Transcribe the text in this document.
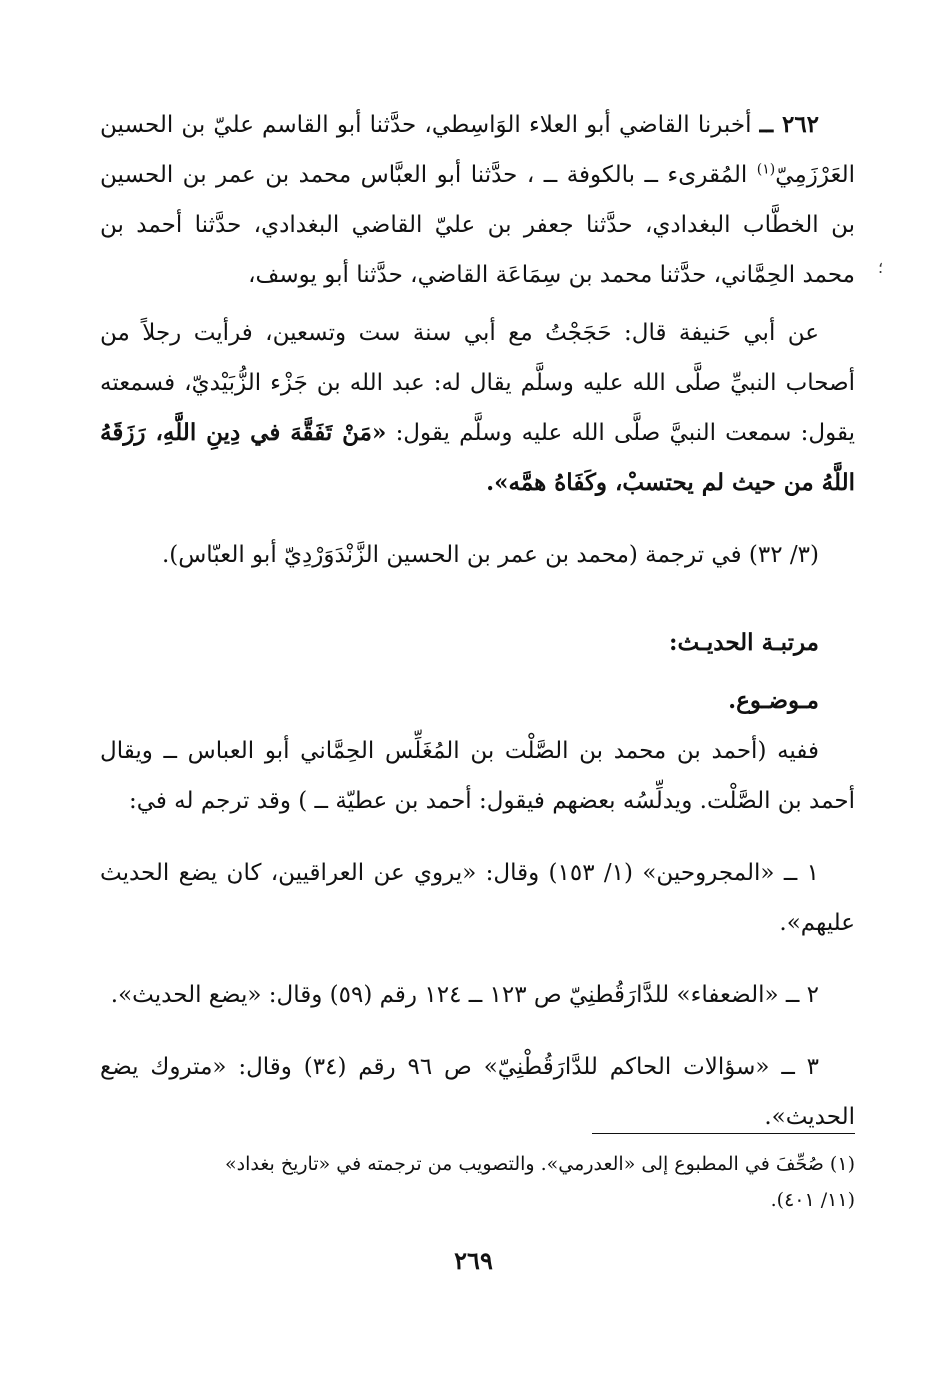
٢٦٢ ــ أخبرنا القاضي أبو العلاء الوَاسِطي، حدَّثنا أبو القاسم عليّ بن الحسين العَرْزَمِيّ$^{(١)}$ المُقرىء ــ بالكوفة ــ ، حدَّثنا أبو العبَّاس محمد بن عمر بن الحسين بن الخطَّاب البغدادي، حدَّثنا جعفر بن عليّ القاضي البغدادي، حدَّثنا أحمد بن محمد الحِمَّاني، حدَّثنا محمد بن سِمَاعَة القاضي، حدَّثنا أبو يوسف،

عن أبي حَنيفة قال: حَجَجْتُ مع أبي سنة ست وتسعين، فرأيت رجلاً من أصحاب النبيِّ صلَّى الله عليه وسلَّم يقال له: عبد الله بن جَزْء الزُّبَيْديّ، فسمعته يقول: سمعت النبيَّ صلَّى الله عليه وسلَّم يقول: «مَنْ تَفَقَّهَ في دِينِ اللَّهِ، رَزَقَهُ اللَّهُ من حيث لم يحتسبْ، وكَفَاهُ همَّه».

(٣/ ٣٢) في ترجمة (محمد بن عمر بن الحسين الزَّنْدَوَرْدِيّ أبو العبّاس).

مرتبـة الحديـث:

مـوضـوع.

ففيه (أحمد بن محمد بن الصَّلْت بن المُغَلِّس الحِمَّاني أبو العباس ــ ويقال أحمد بن الصَّلْت. ويدلِّسُه بعضهم فيقول: أحمد بن عطيّة ــ ) وقد ترجم له في:

١ ــ «المجروحين» (١/ ١٥٣) وقال: «يروي عن العراقيين، كان يضع الحديث عليهم».

٢ ــ «الضعفاء» للدَّارَقُطنِيّ ص ١٢٣ ــ ١٢٤ رقم (٥٩) وقال: «يضع الحديث».

٣ ــ «سؤالات الحاكم للدَّارَقُطْنِيّ» ص ٩٦ رقم (٣٤) وقال: «متروك يضع الحديث».

؛

(١) صُحِّفَ في المطبوع إلى «العدرمي». والتصويب من ترجمته في «تاريخ بغداد»

(١١/ ٤٠١).

٢٦٩
